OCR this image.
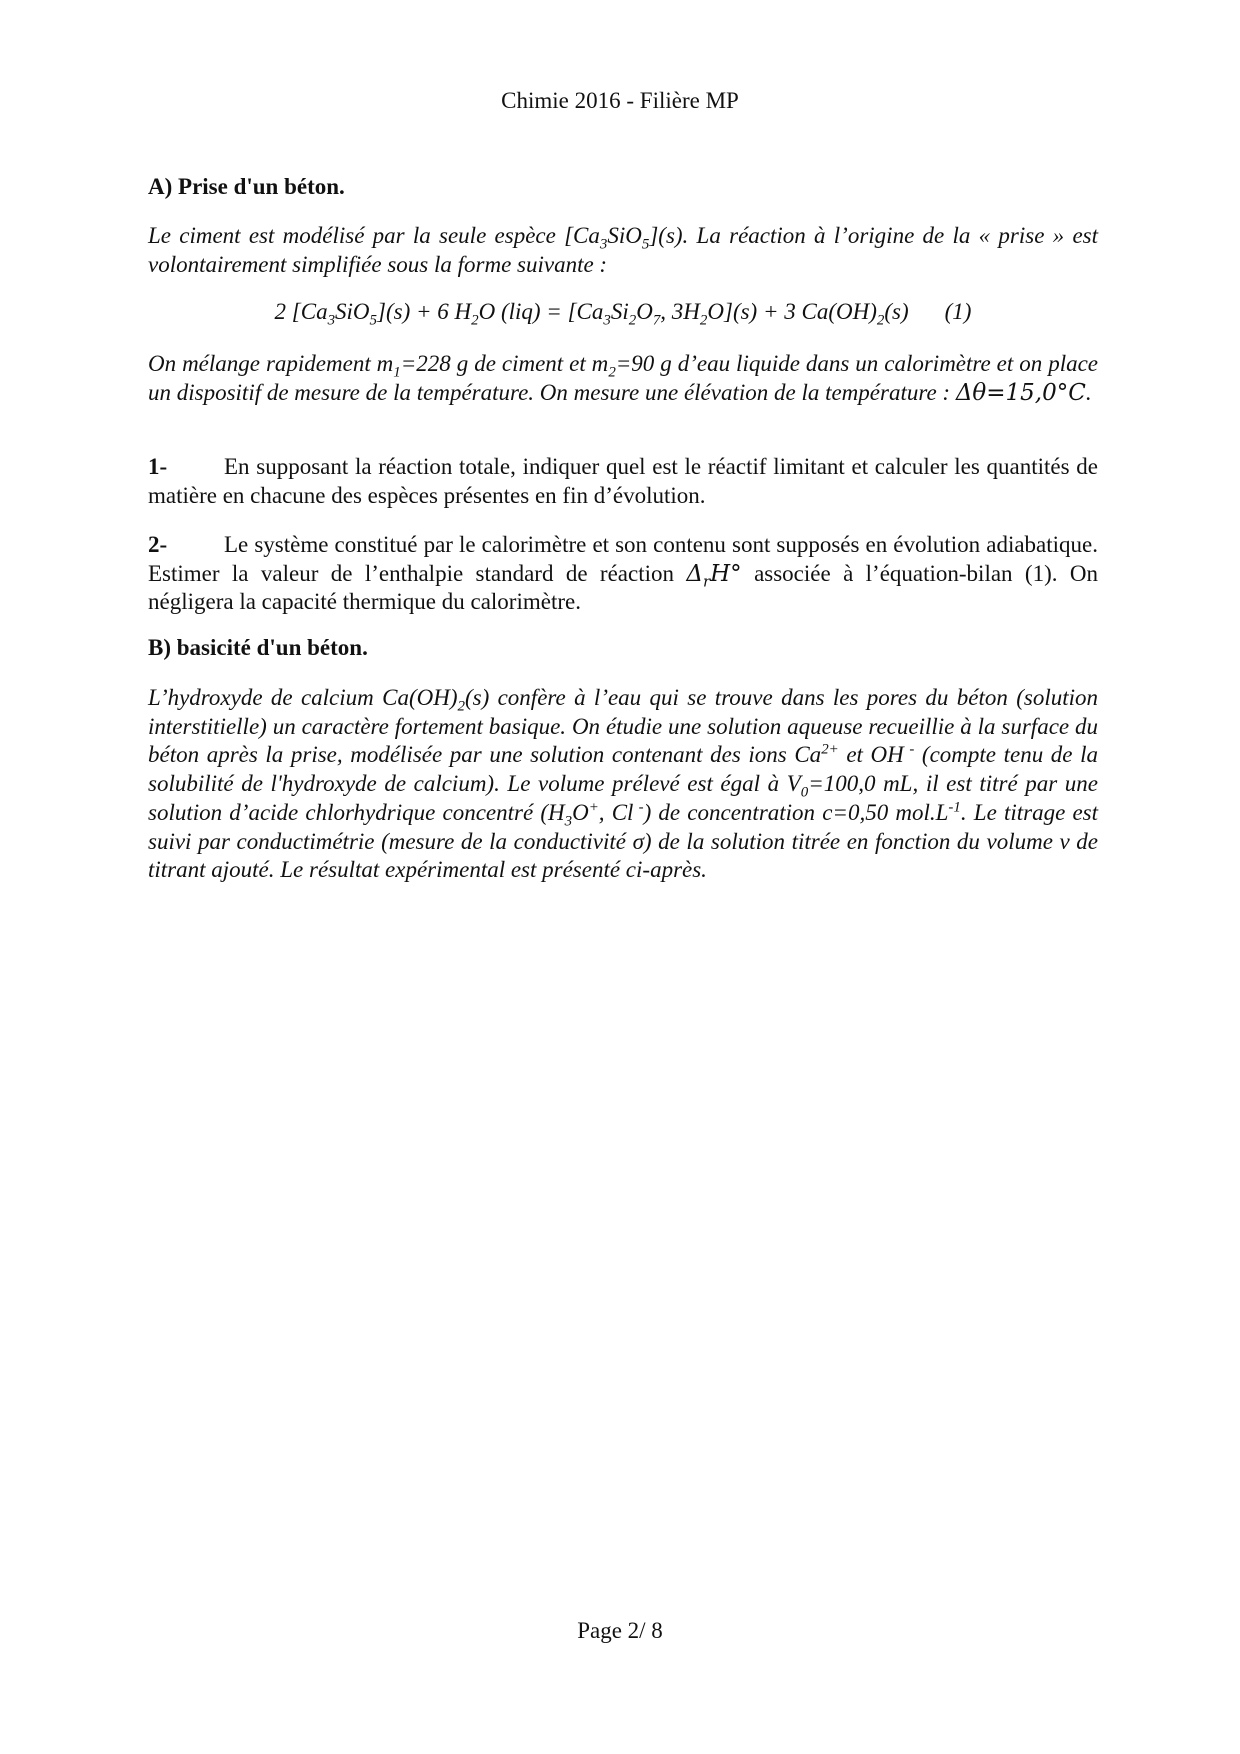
Chimie 2016 - Filière MP
A) Prise d'un béton.
Le ciment est modélisé par la seule espèce $[Ca_3SiO_5](s)$. La réaction à l’origine de la « prise » est volontairement simplifiée sous la forme suivante :
2 $[Ca_3SiO_5](s) + 6$ $H_2O$ $(liq) = [Ca_3Si_2O_7$, $3H_2O](s) + 3$ $Ca(OH)_2(s)$ (1)
On mélange rapidement $m_1=228$ g de ciment et $m_2=90$ g d’eau liquide dans un calorimètre et on place un dispositif de mesure de la température. On mesure une élévation de la température : Δθ=15,0°C.
1- En supposant la réaction totale, indiquer quel est le réactif limitant et calculer les quantités de matière en chacune des espèces présentes en fin d’évolution.
2- Le système constitué par le calorimètre et son contenu sont supposés en évolution adiabatique. Estimer la valeur de l’enthalpie standard de réaction $\Delta_rH^\circ$ associée à l’équation-bilan (1). On négligera la capacité thermique du calorimètre.
B) basicité d'un béton.
L’hydroxyde de calcium $Ca(OH)_2(s)$ confère à l’eau qui se trouve dans les pores du béton (solution interstitielle) un caractère fortement basique. On étudie une solution aqueuse recueillie à la surface du béton après la prise, modélisée par une solution contenant des ions $Ca^{2+}$ et OH - (compte tenu de la solubilité de l'hydroxyde de calcium). Le volume prélevé est égal à $V_0=100,0$ mL, il est titré par une solution d’acide chlorhydrique concentré ($H_3O^+$, Cl -) de concentration c=0,50 $mol.L^{-1}$. Le titrage est suivi par conductimétrie (mesure de la conductivité σ) de la solution titrée en fonction du volume v de titrant ajouté. Le résultat expérimental est présenté ci-après.
Page 2/ 8
